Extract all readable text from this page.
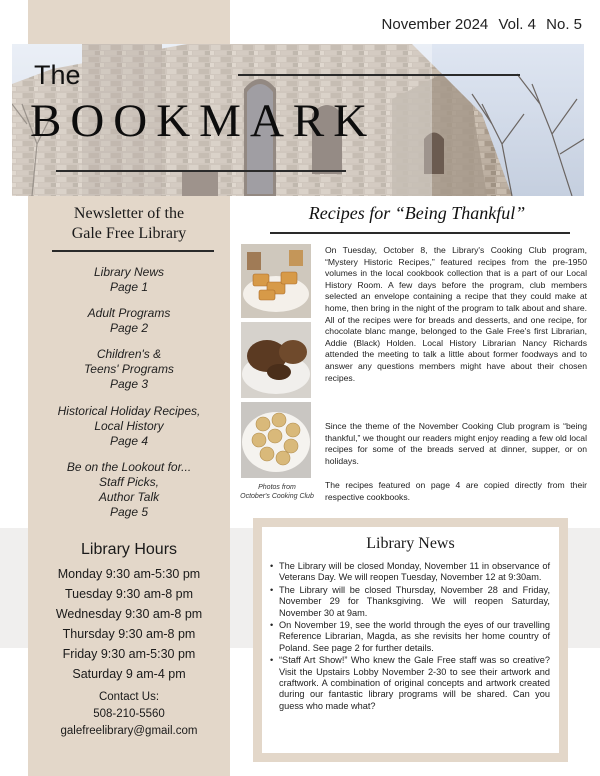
November 2024 Vol. 4 No. 5
The
BOOKMARK
Newsletter of the
Gale Free Library
Library News
Page 1
Adult Programs
Page 2
Children's &
Teens' Programs
Page 3
Historical Holiday Recipes,
Local History
Page 4
Be on the Lookout for...
Staff Picks,
Author Talk
Page 5
Library Hours
Monday 9:30 am-5:30 pm
Tuesday 9:30 am-8 pm
Wednesday 9:30 am-8 pm
Thursday 9:30 am-8 pm
Friday 9:30 am-5:30 pm
Saturday 9 am-4 pm
Contact Us:
508-210-5560
galefreelibrary@gmail.com
Recipes for “Being Thankful”
Photos from
October's Cooking Club
On Tuesday, October 8, the Library's Cooking Club program, “Mystery Historic Recipes,” featured recipes from the pre-1950 volumes in the local cookbook collection that is a part of our Local History Room. A few days before the program, club members selected an envelope containing a recipe that they could make at home, then bring in the night of the program to talk about and share. All of the recipes were for breads and desserts, and one recipe, for chocolate blanc mange, belonged to the Gale Free's first Librarian, Addie (Black) Holden. Local History Librarian Nancy Richards attended the meeting to talk a little about former foodways and to answer any questions members might have about their chosen recipes.
Since the theme of the November Cooking Club program is “being thankful,” we thought our readers might enjoy reading a few old local recipes for some of the breads served at dinner, supper, or on holidays.
The recipes featured on page 4 are copied directly from their respective cookbooks.
Library News
• The Library will be closed Monday, November 11 in observance of Veterans Day. We will reopen Tuesday, November 12 at 9:30am.
• The Library will be closed Thursday, November 28 and Friday, November 29 for Thanksgiving. We will reopen Saturday, November 30 at 9am.
• On November 19, see the world through the eyes of our travelling Reference Librarian, Magda, as she revisits her home country of Poland. See page 2 for further details.
• “Staff Art Show!” Who knew the Gale Free staff was so creative? Visit the Upstairs Lobby November 2-30 to see their artwork and craftwork. A combination of original concepts and artwork created during our fantastic library programs will be shared. Can you guess who made what?
